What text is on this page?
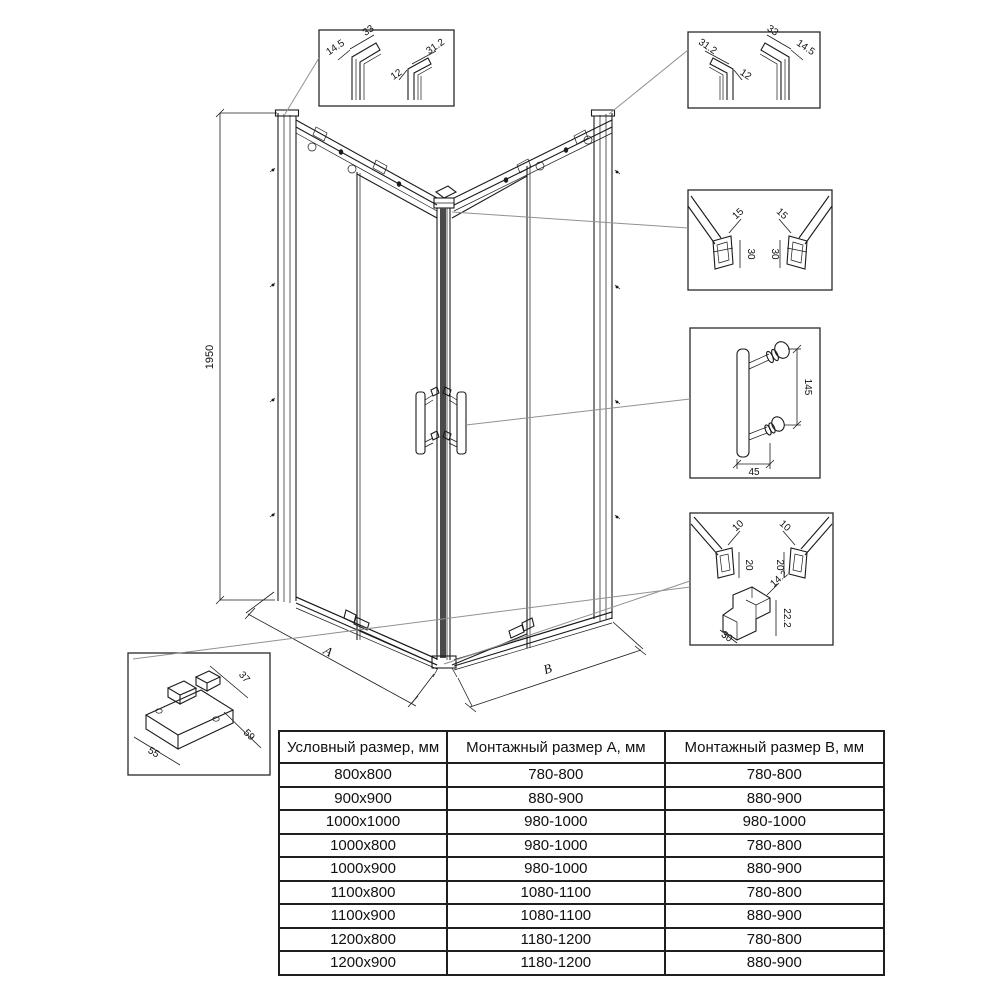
1950
A
B
14.5
33
12
31.2	31.2
12
33
14.5
15
30
15
30
145
45
10
20
10
20
14.2
22.2
30
37
55
59
Условный размер, мм	Монтажный размер А, мм	Монтажный размер В, мм
800x800	780-800	780-800
900x900	880-900	880-900
1000x1000	980-1000	980-1000
1000x800	980-1000	780-800
1000x900	980-1000	880-900
1100x800	1080-1100	780-800
1100x900	1080-1100	880-900
1200x800	1180-1200	780-800
1200x900	1180-1200	880-900
